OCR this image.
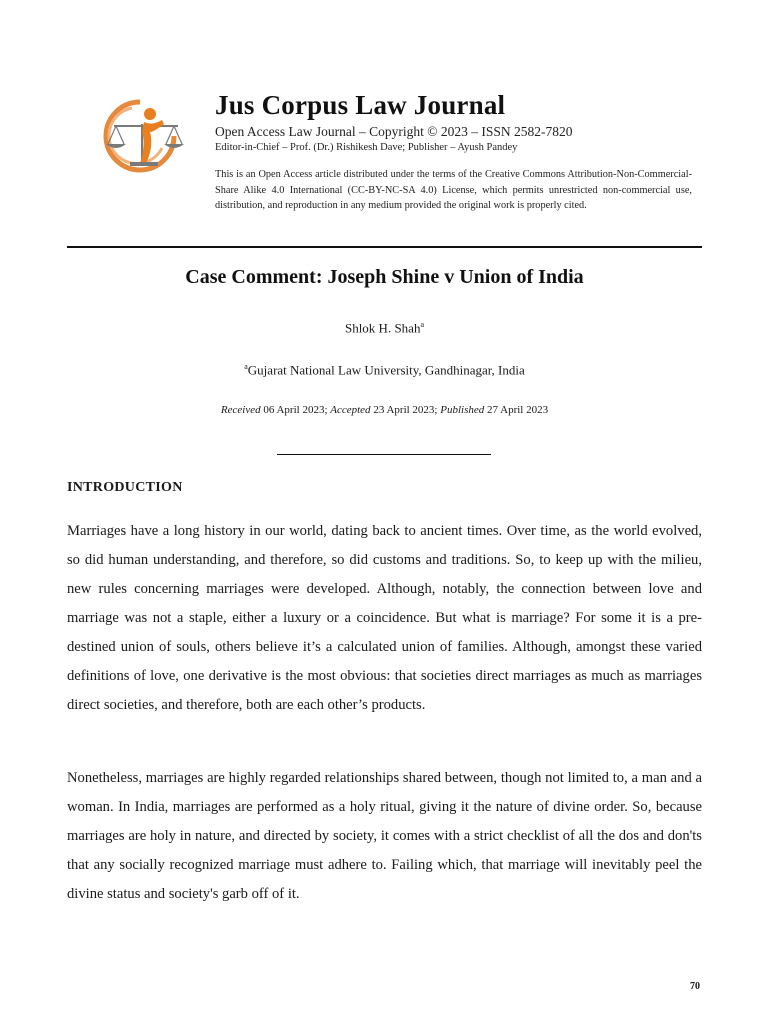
Jus Corpus Law Journal
Open Access Law Journal – Copyright © 2023 – ISSN 2582-7820
Editor-in-Chief – Prof. (Dr.) Rishikesh Dave; Publisher – Ayush Pandey
This is an Open Access article distributed under the terms of the Creative Commons Attribution-Non-Commercial-Share Alike 4.0 International (CC-BY-NC-SA 4.0) License, which permits unrestricted non-commercial use, distribution, and reproduction in any medium provided the original work is properly cited.
Case Comment: Joseph Shine v Union of India
Shlok H. Shah$^a$
$^a$Gujarat National Law University, Gandhinagar, India
Received 06 April 2023; Accepted 23 April 2023; Published 27 April 2023
INTRODUCTION

Marriages have a long history in our world, dating back to ancient times. Over time, as the world evolved, so did human understanding, and therefore, so did customs and traditions. So, to keep up with the milieu, new rules concerning marriages were developed. Although, notably, the connection between love and marriage was not a staple, either a luxury or a coincidence. But what is marriage? For some it is a pre-destined union of souls, others believe it’s a calculated union of families. Although, amongst these varied definitions of love, one derivative is the most obvious: that societies direct marriages as much as marriages direct societies, and therefore, both are each other’s products.

Nonetheless, marriages are highly regarded relationships shared between, though not limited to, a man and a woman. In India, marriages are performed as a holy ritual, giving it the nature of divine order. So, because marriages are holy in nature, and directed by society, it comes with a strict checklist of all the dos and don'ts that any socially recognized marriage must adhere to. Failing which, that marriage will inevitably peel the divine status and society's garb off of it.

70
